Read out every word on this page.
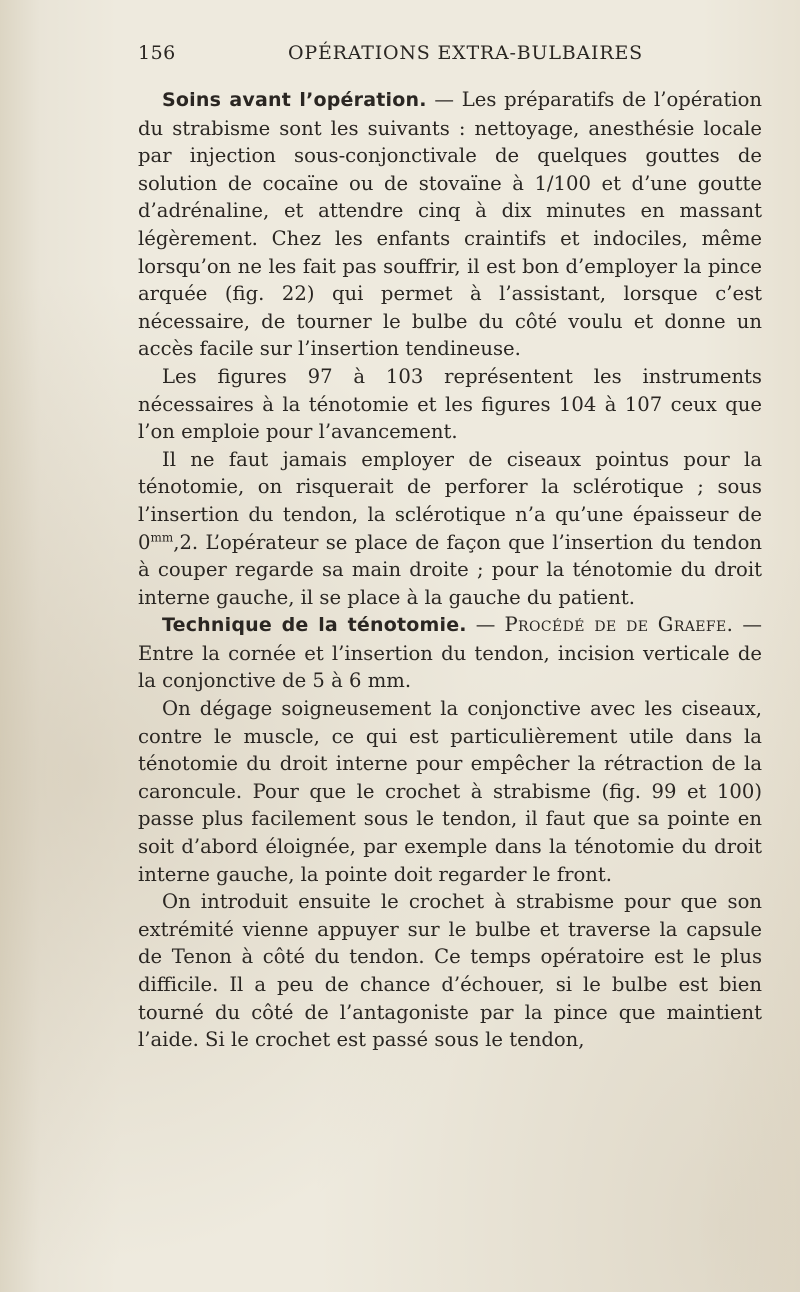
156	OPÉRATIONS EXTRA-BULBAIRES

Soins avant l’opération. — Les préparatifs de l’opération du strabisme sont les suivants : nettoyage, anesthésie locale par injection sous-conjonctivale de quelques gouttes de solution de cocaïne ou de stovaïne à 1/100 et d’une goutte d’adrénaline, et attendre cinq à dix minutes en massant légèrement. Chez les enfants craintifs et indociles, même lorsqu’on ne les fait pas souffrir, il est bon d’employer la pince arquée (fig. 22) qui permet à l’assistant, lorsque c’est nécessaire, de tourner le bulbe du côté voulu et donne un accès facile sur l’insertion tendineuse.

Les figures 97 à 103 représentent les instruments nécessaires à la ténotomie et les figures 104 à 107 ceux que l’on emploie pour l’avancement.

Il ne faut jamais employer de ciseaux pointus pour la ténotomie, on risquerait de perforer la sclérotique ; sous l’insertion du tendon, la sclérotique n’a qu’une épaisseur de $0^{mm},2$. L’opérateur se place de façon que l’insertion du tendon à couper regarde sa main droite ; pour la ténotomie du droit interne gauche, il se place à la gauche du patient.

Technique de la ténotomie. — Procédé de de Graefe. — Entre la cornée et l’insertion du tendon, incision verticale de la conjonctive de 5 à 6 mm.

On dégage soigneusement la conjonctive avec les ciseaux, contre le muscle, ce qui est particulièrement utile dans la ténotomie du droit interne pour empêcher la rétraction de la caroncule. Pour que le crochet à strabisme (fig. 99 et 100) passe plus facilement sous le tendon, il faut que sa pointe en soit d’abord éloignée, par exemple dans la ténotomie du droit interne gauche, la pointe doit regarder le front.

On introduit ensuite le crochet à strabisme pour que son extrémité vienne appuyer sur le bulbe et traverse la capsule de Tenon à côté du tendon. Ce temps opératoire est le plus difficile. Il a peu de chance d’échouer, si le bulbe est bien tourné du côté de l’antagoniste par la pince que maintient l’aide. Si le crochet est passé sous le tendon,
